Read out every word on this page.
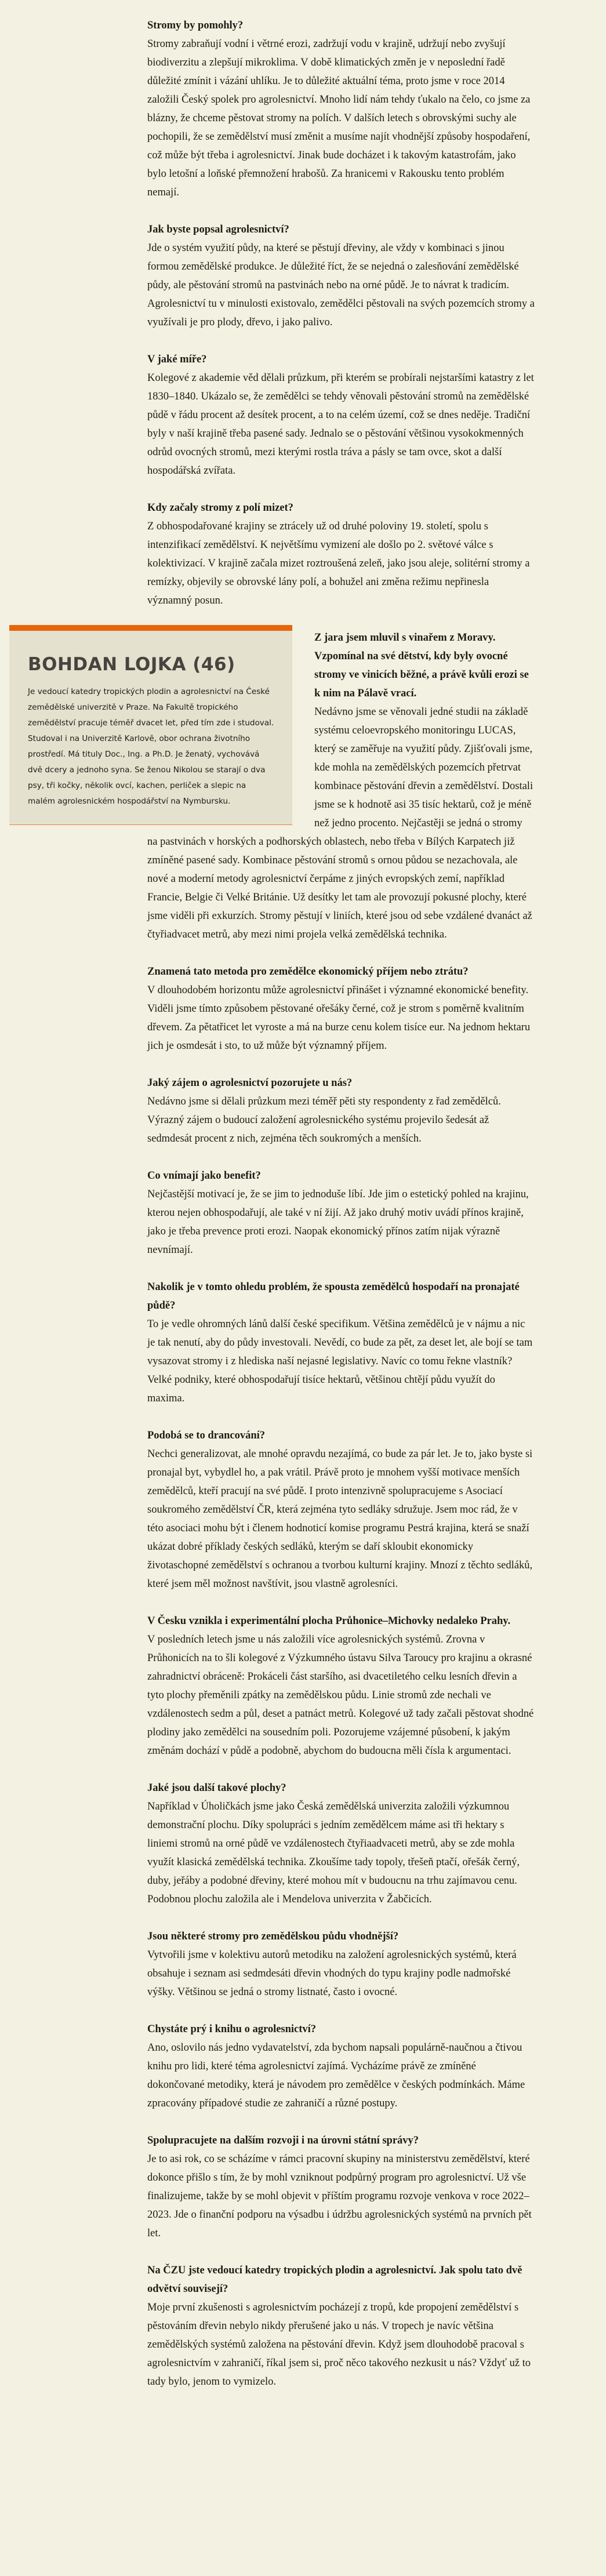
Stromy by pomohly?

Stromy zabraňují vodní i větrné erozi, zadržují vodu v krajině, udržují nebo zvyšují biodiverzitu a zlepšují mikroklima. V době klimatických změn je v neposlední řadě důležité zmínit i vázání uhlíku. Je to důležité aktuální téma, proto jsme v roce 2014 založili Český spolek pro agrolesnictví. Mnoho lidí nám tehdy ťukalo na čelo, co jsme za blázny, že chceme pěstovat stromy na polích. V dalších letech s obrovskými suchy ale pochopili, že se zemědělství musí změnit a musíme najít vhodnější způsoby hospodaření, což může být třeba i agrolesnictví. Jinak bude docházet i k takovým katastrofám, jako bylo letošní a loňské přemnožení hrabošů. Za hranicemi v Rakousku tento problém nemají.

Jak byste popsal agrolesnictví?

Jde o systém využití půdy, na které se pěstují dřeviny, ale vždy v kombinaci s jinou formou zemědělské produkce. Je důležité říct, že se nejedná o zalesňování zemědělské půdy, ale pěstování stromů na pastvinách nebo na orné půdě. Je to návrat k tradicím. Agrolesnictví tu v minulosti existovalo, zemědělci pěstovali na svých pozemcích stromy a využívali je pro plody, dřevo, i jako palivo.

V jaké míře?

Kolegové z akademie věd dělali průzkum, při kterém se probírali nejstaršími katastry z let 1830–1840. Ukázalo se, že zemědělci se tehdy věnovali pěstování stromů na zemědělské půdě v řádu procent až desítek procent, a to na celém území, což se dnes neděje. Tradiční byly v naší krajině třeba pasené sady. Jednalo se o pěstování většinou vysokokmenných odrůd ovocných stromů, mezi kterými rostla tráva a pásly se tam ovce, skot a další hospodářská zvířata.

Kdy začaly stromy z polí mizet?

Z obhospodařované krajiny se ztrácely už od druhé poloviny 19. století, spolu s intenzifikací zemědělství. K největšímu vymizení ale došlo po 2. světové válce s kolektivizací. V krajině začala mizet roztroušená zeleň, jako jsou aleje, solitérní stromy a remízky, objevily se obrovské lány polí, a bohužel ani změna režimu nepřinesla významný posun.

BOHDAN LOJKA (46)

Je vedoucí katedry tropických plodin a agrolesnictví na České zemědělské univerzitě v Praze. Na Fakultě tropického zemědělství pracuje téměř dvacet let, před tím zde i studoval. Studoval i na Univerzitě Karlově, obor ochrana životního prostředí. Má tituly Doc., Ing. a Ph.D. Je ženatý, vychovává dvě dcery a jednoho syna. Se ženou Nikolou se starají o dva psy, tři kočky, několik ovcí, kachen, perliček a slepic na malém agrolesnickém hospodářství na Nymbursku.

Z jara jsem mluvil s vinařem z Moravy. Vzpomínal na své dětství, kdy byly ovocné stromy ve vinicích běžné, a právě kvůli erozi se k nim na Pálavě vrací.

Nedávno jsme se věnovali jedné studii na základě systému celoevropského monitoringu LUCAS, který se zaměřuje na využití půdy. Zjišťovali jsme, kde mohla na zemědělských pozemcích přetrvat kombinace pěstování dřevin a zemědělství. Dostali jsme se k hodnotě asi 35 tisíc hektarů, což je méně než jedno procento. Nejčastěji se jedná o stromy na pastvinách v horských a podhorských oblastech, nebo třeba v Bílých Karpatech již zmíněné pasené sady. Kombinace pěstování stromů s ornou půdou se nezachovala, ale nové a moderní metody agrolesnictví čerpáme z jiných evropských zemí, například Francie, Belgie či Velké Británie. Už desítky let tam ale provozují pokusné plochy, které jsme viděli při exkurzích. Stromy pěstují v liniích, které jsou od sebe vzdálené dvanáct až čtyřiadvacet metrů, aby mezi nimi projela velká zemědělská technika.

Znamená tato metoda pro zemědělce ekonomický příjem nebo ztrátu?

V dlouhodobém horizontu může agrolesnictví přinášet i významné ekonomické benefity. Viděli jsme tímto způsobem pěstované ořešáky černé, což je strom s poměrně kvalitním dřevem. Za pětatřicet let vyroste a má na burze cenu kolem tisíce eur. Na jednom hektaru jich je osmdesát i sto, to už může být významný příjem.

Jaký zájem o agrolesnictví pozorujete u nás?

Nedávno jsme si dělali průzkum mezi téměř pěti sty respondenty z řad zemědělců. Výrazný zájem o budoucí založení agrolesnického systému projevilo šedesát až sedmdesát procent z nich, zejména těch soukromých a menších.

Co vnímají jako benefit?

Nejčastější motivací je, že se jim to jednoduše líbí. Jde jim o estetický pohled na krajinu, kterou nejen obhospodařují, ale také v ní žijí. Až jako druhý motiv uvádí přínos krajině, jako je třeba prevence proti erozi. Naopak ekonomický přínos zatím nijak výrazně nevnímají.

Nakolik je v tomto ohledu problém, že spousta zemědělců hospodaří na pronajaté půdě?

To je vedle ohromných lánů další české specifikum. Většina zemědělců je v nájmu a nic je tak nenutí, aby do půdy investovali. Nevědí, co bude za pět, za deset let, ale bojí se tam vysazovat stromy i z hlediska naší nejasné legislativy. Navíc co tomu řekne vlastník? Velké podniky, které obhospodařují tisíce hektarů, většinou chtějí půdu využít do maxima.

Podobá se to drancování?

Nechci generalizovat, ale mnohé opravdu nezajímá, co bude za pár let. Je to, jako byste si pronajal byt, vybydlel ho, a pak vrátil. Právě proto je mnohem vyšší motivace menších zemědělců, kteří pracují na své půdě. I proto intenzivně spolupracujeme s Asociací soukromého zemědělství ČR, která zejména tyto sedláky sdružuje. Jsem moc rád, že v této asociaci mohu být i členem hodnoticí komise programu Pestrá krajina, která se snaží ukázat dobré příklady českých sedláků, kterým se daří skloubit ekonomicky životaschopné zemědělství s ochranou a tvorbou kulturní krajiny. Mnozí z těchto sedláků, které jsem měl možnost navštívit, jsou vlastně agrolesníci.

V Česku vznikla i experimentální plocha Průhonice–Michovky nedaleko Prahy.

V posledních letech jsme u nás založili více agrolesnických systémů. Zrovna v Průhonicích na to šli kolegové z Výzkumného ústavu Silva Taroucy pro krajinu a okrasné zahradnictví obráceně: Prokáceli část staršího, asi dvacetiletého celku lesních dřevin a tyto plochy přeměnili zpátky na zemědělskou půdu. Linie stromů zde nechali ve vzdálenostech sedm a půl, deset a patnáct metrů. Kolegové už tady začali pěstovat shodné plodiny jako zemědělci na sousedním poli. Pozorujeme vzájemné působení, k jakým změnám dochází v půdě a podobně, abychom do budoucna měli čísla k argumentaci.

Jaké jsou další takové plochy?

Například v Úholičkách jsme jako Česká zemědělská univerzita založili výzkumnou demonstrační plochu. Díky spolupráci s jedním zemědělcem máme asi tři hektary s liniemi stromů na orné půdě ve vzdálenostech čtyřiaadvaceti metrů, aby se zde mohla využít klasická zemědělská technika. Zkoušíme tady topoly, třešeň ptačí, ořešák černý, duby, jeřáby a podobné dřeviny, které mohou mít v budoucnu na trhu zajímavou cenu. Podobnou plochu založila ale i Mendelova univerzita v Žabčicích.

Jsou některé stromy pro zemědělskou půdu vhodnější?

Vytvořili jsme v kolektivu autorů metodiku na založení agrolesnických systémů, která obsahuje i seznam asi sedmdesáti dřevin vhodných do typu krajiny podle nadmořské výšky. Většinou se jedná o stromy listnaté, často i ovocné.

Chystáte prý i knihu o agrolesnictví?

Ano, oslovilo nás jedno vydavatelství, zda bychom napsali populárně-naučnou a čtivou knihu pro lidi, které téma agrolesnictví zajímá. Vycházíme právě ze zmíněné dokončované metodiky, která je návodem pro zemědělce v českých podmínkách. Máme zpracovány případové studie ze zahraničí a různé postupy.

Spolupracujete na dalším rozvoji i na úrovni státní správy?

Je to asi rok, co se scházíme v rámci pracovní skupiny na ministerstvu zemědělství, které dokonce přišlo s tím, že by mohl vzniknout podpůrný program pro agrolesnictví. Už vše finalizujeme, takže by se mohl objevit v příštím programu rozvoje venkova v roce 2022–2023. Jde o finanční podporu na výsadbu i údržbu agrolesnických systémů na prvních pět let.

Na ČZU jste vedoucí katedry tropických plodin a agrolesnictví. Jak spolu tato dvě odvětví souvisejí?

Moje první zkušenosti s agrolesnictvím pocházejí z tropů, kde propojení zemědělství s pěstováním dřevin nebylo nikdy přerušené jako u nás. V tropech je navíc většina zemědělských systémů založena na pěstování dřevin. Když jsem dlouhodobě pracoval s agrolesnictvím v zahraničí, říkal jsem si, proč něco takového nezkusit u nás? Vždyť už to tady bylo, jenom to vymizelo.
